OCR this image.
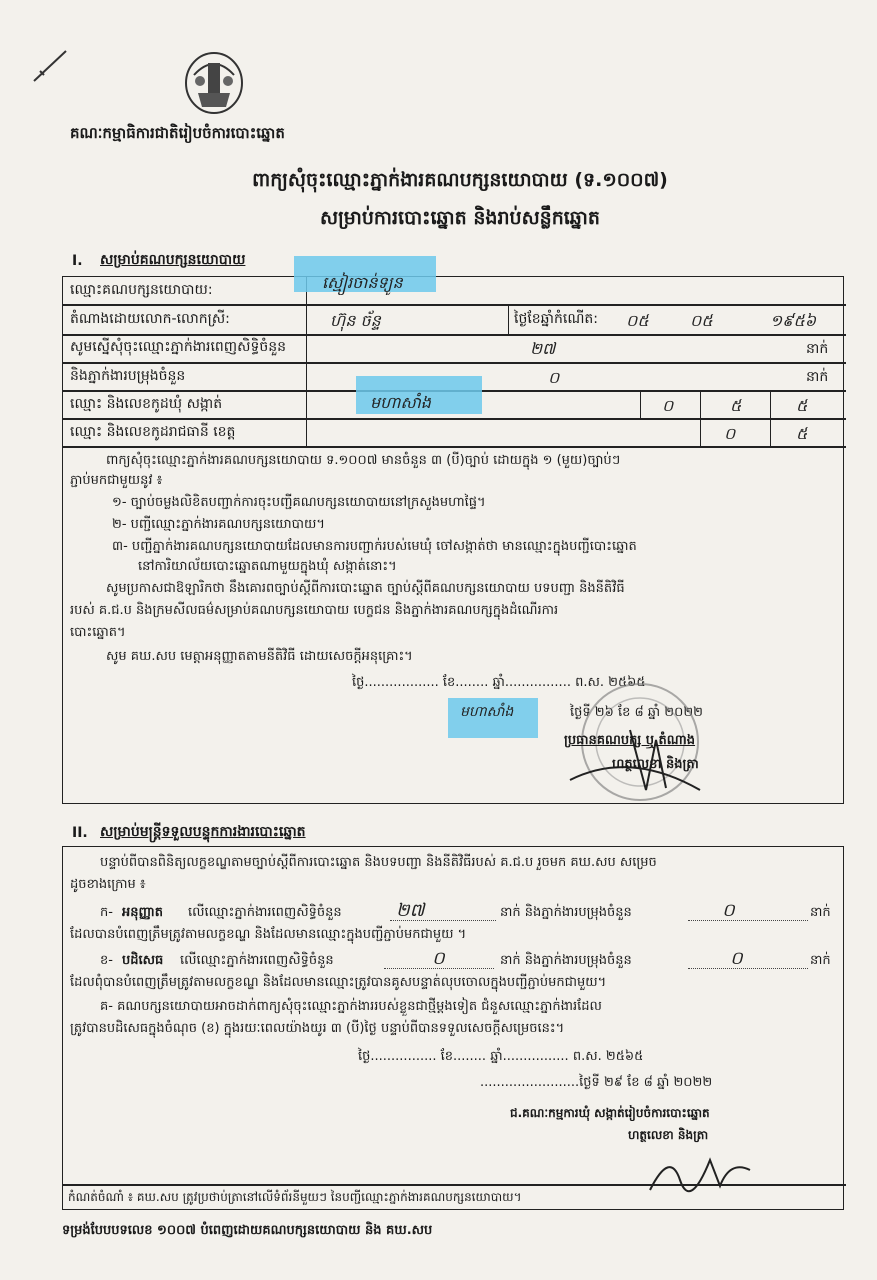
គណៈកម្មាធិការជាតិរៀបចំការបោះឆ្នោត
ពាក្យសុំចុះឈ្មោះភ្នាក់ងារគណបក្សនយោបាយ (ទ.១០០៧)
សម្រាប់ការបោះឆ្នោត និងរាប់សន្លឹកឆ្នោត
I. សម្រាប់គណបក្សនយោបាយ
ឈ្មោះគណបក្សនយោបាយ:	ស្មៀរចាន់ទ្យូន
តំណាងដោយលោក-លោកស្រី:	ហ៊ុន ច័ន្ទ	ថ្ងៃខែឆ្នាំកំណើត: ០៥	០៥	១៩៥៦
សូមស្នើសុំចុះឈ្មោះភ្នាក់ងារពេញសិទ្ធិចំនួន	២៧	នាក់
និងភ្នាក់ងារបម្រុងចំនួន	០	នាក់
ឈ្មោះ និងលេខកូដឃុំ សង្កាត់	មហាសាំង	០	៥	៥
ឈ្មោះ និងលេខកូដរាជធានី ខេត្ត	០	៥
ពាក្យសុំចុះឈ្មោះភ្នាក់ងារគណបក្សនយោបាយ ទ.១០០៧ មានចំនួន ៣ (បី)ច្បាប់ ដោយក្នុង ១ (មួយ)ច្បាប់ៗ
ភ្ជាប់មកជាមួយនូវ ៖
១- ច្បាប់ចម្លងលិខិតបញ្ជាក់ការចុះបញ្ជីគណបក្សនយោបាយនៅក្រសួងមហាផ្ទៃ។
២- បញ្ជីឈ្មោះភ្នាក់ងារគណបក្សនយោបាយ។
៣- បញ្ជីភ្នាក់ងារគណបក្សនយោបាយដែលមានការបញ្ជាក់របស់មេឃុំ ចៅសង្កាត់ថា មានឈ្មោះក្នុងបញ្ជីបោះឆ្នោត
នៅការិយាល័យបោះឆ្នោតណាមួយក្នុងឃុំ សង្កាត់នោះ។
សូមប្រកាសជាឱឡារិកថា នឹងគោរពច្បាប់ស្តីពីការបោះឆ្នោត ច្បាប់ស្តីពីគណបក្សនយោបាយ បទបញ្ជា និងនីតិវិធី
របស់ គ.ជ.ប និងក្រមសីលធម៌សម្រាប់គណបក្សនយោបាយ បេក្ខជន និងភ្នាក់ងារគណបក្សក្នុងដំណើរការ
បោះឆ្នោត។
សូម គឃ.សប មេត្តាអនុញ្ញាតតាមនីតិវិធី ដោយសេចក្តីអនុគ្រោះ។
ថ្ងៃ.................. ខែ........ ឆ្នាំ................ ព.ស. ២៥៦៥
មហាសាំង	ថ្ងៃទី ២៦ ខែ ៨ ឆ្នាំ ២០២២
ប្រធានគណបក្ស ឬ តំណាង
ហត្ថលេខា និងត្រា
II. សម្រាប់មន្ត្រីទទួលបន្ទុកការងារបោះឆ្នោត
បន្ទាប់ពីបានពិនិត្យលក្ខខណ្ឌតាមច្បាប់ស្តីពីការបោះឆ្នោត និងបទបញ្ជា និងនីតិវិធីរបស់ គ.ជ.ប រួចមក គឃ.សប សម្រេច
ដូចខាងក្រោម ៖
ក- អនុញ្ញាត លើឈ្មោះភ្នាក់ងារពេញសិទ្ធិចំនួន	២៧	នាក់ និងភ្នាក់ងារបម្រុងចំនួន	០	នាក់
ដែលបានបំពេញត្រឹមត្រូវតាមលក្ខខណ្ឌ និងដែលមានឈ្មោះក្នុងបញ្ជីភ្ជាប់មកជាមួយ ។
ខ- បដិសេធ លើឈ្មោះភ្នាក់ងារពេញសិទ្ធិចំនួន	០	នាក់ និងភ្នាក់ងារបម្រុងចំនួន	០	នាក់
ដែលពុំបានបំពេញត្រឹមត្រូវតាមលក្ខខណ្ឌ និងដែលមានឈ្មោះត្រូវបានគូសបន្ទាត់លុបចោលក្នុងបញ្ជីភ្ជាប់មកជាមួយ។
គ- គណបក្សនយោបាយអាចដាក់ពាក្យសុំចុះឈ្មោះភ្នាក់ងាររបស់ខ្លួនជាថ្មីម្តងទៀត ជំនួសឈ្មោះភ្នាក់ងារដែល
ត្រូវបានបដិសេធក្នុងចំណុច (ខ) ក្នុងរយៈពេលយ៉ាងយូរ ៣ (បី)ថ្ងៃ បន្ទាប់ពីបានទទួលសេចក្តីសម្រេចនេះ។
ថ្ងៃ................ ខែ........ ឆ្នាំ................ ព.ស. ២៥៦៥
........................ថ្ងៃទី ២៩ ខែ ៨ ឆ្នាំ ២០២២
ជ.គណៈកម្មការឃុំ សង្កាត់រៀបចំការបោះឆ្នោត
ហត្ថលេខា និងត្រា
កំណត់ចំណាំ ៖ គឃ.សប ត្រូវប្រថាប់ត្រានៅលើទំព័រនីមួយៗ នៃបញ្ជីឈ្មោះភ្នាក់ងារគណបក្សនយោបាយ។
ទម្រង់បែបបទលេខ ១០០៧ បំពេញដោយគណបក្សនយោបាយ និង គឃ.សប
